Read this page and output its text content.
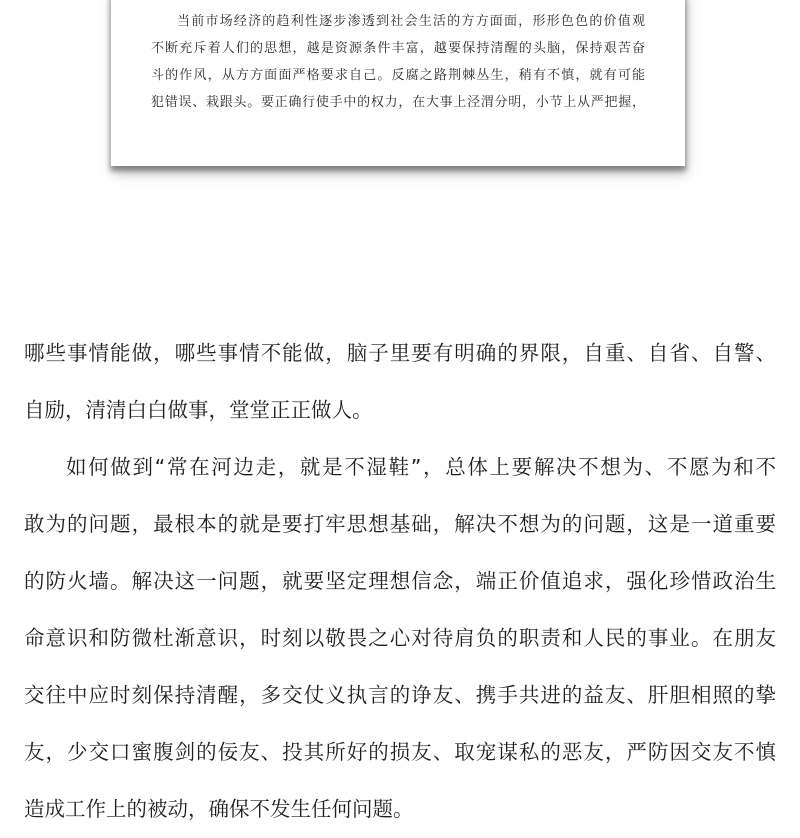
当前市场经济的趋利性逐步渗透到社会生活的方方面面，形形色色的价值观

不断充斥着人们的思想，越是资源条件丰富，越要保持清醒的头脑，保持艰苦奋

斗的作风，从方方面面严格要求自己。反腐之路荆棘丛生，稍有不慎，就有可能

犯错误、栽跟头。要正确行使手中的权力，在大事上泾渭分明，小节上从严把握，

哪些事情能做，哪些事情不能做，脑子里要有明确的界限，自重、自省、自警、
自励，清清白白做事，堂堂正正做人。
如何做到“常在河边走，就是不湿鞋”，总体上要解决不想为、不愿为和不
敢为的问题，最根本的就是要打牢思想基础，解决不想为的问题，这是一道重要
的防火墙。解决这一问题，就要坚定理想信念，端正价值追求，强化珍惜政治生
命意识和防微杜渐意识，时刻以敬畏之心对待肩负的职责和人民的事业。在朋友
交往中应时刻保持清醒，多交仗义执言的诤友、携手共进的益友、肝胆相照的挚
友，少交口蜜腹剑的佞友、投其所好的损友、取宠谋私的恶友，严防因交友不慎
造成工作上的被动，确保不发生任何问题。
